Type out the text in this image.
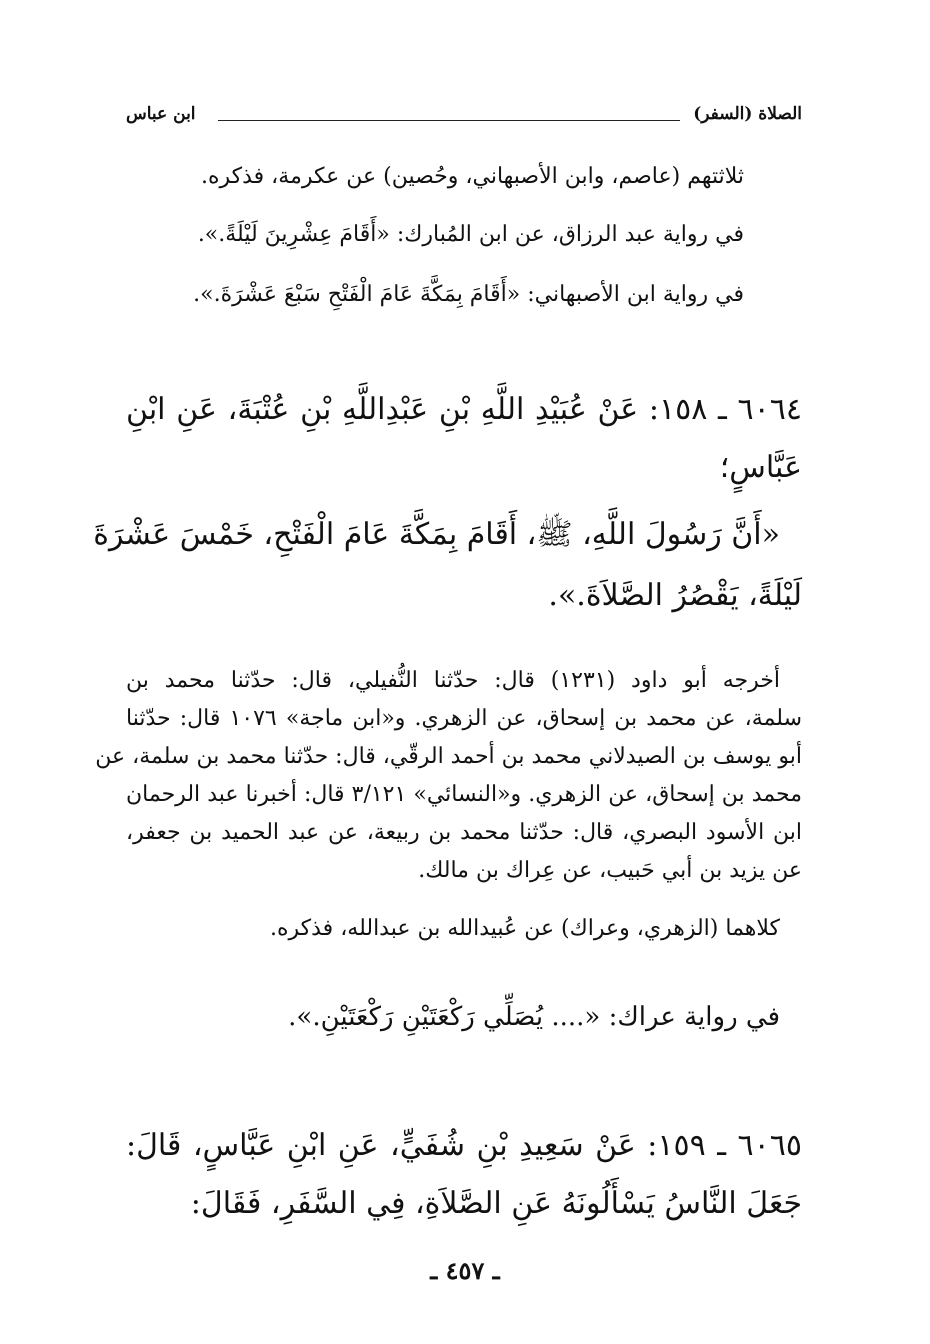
الصلاة (السفر)
ابن عباس
ثلاثتهم (عاصم، وابن الأصبهاني، وحُصين) عن عكرمة، فذكره.
في رواية عبد الرزاق، عن ابن المُبارك: «أَقَامَ عِشْرِينَ لَيْلَةً.».
في رواية ابن الأصبهاني: «أَقَامَ بِمَكَّةَ عَامَ الْفَتْحِ سَبْعَ عَشْرَةَ.».
٦٠٦٤ ـ ١٥٨: عَنْ عُبَيْدِ اللَّهِ بْنِ عَبْدِاللَّهِ بْنِ عُتْبَةَ، عَنِ ابْنِ
عَبَّاسٍ؛
«أَنَّ رَسُولَ اللَّهِ، ﷺ، أَقَامَ بِمَكَّةَ عَامَ الْفَتْحِ، خَمْسَ عَشْرَةَ
لَيْلَةً، يَقْصُرُ الصَّلاَةَ.».
أخرجه أبو داود (١٢٣١) قال: حدّثنا النُّفيلي، قال: حدّثنا محمد بن
سلمة، عن محمد بن إسحاق، عن الزهري. و«ابن ماجة» ١٠٧٦ قال: حدّثنا
أبو يوسف بن الصيدلاني محمد بن أحمد الرقّي، قال: حدّثنا محمد بن سلمة، عن
محمد بن إسحاق، عن الزهري. و«النسائي» ٣/١٢١ قال: أخبرنا عبد الرحمان
ابن الأسود البصري، قال: حدّثنا محمد بن ربيعة، عن عبد الحميد بن جعفر،
عن يزيد بن أبي حَبيب، عن عِراك بن مالك.
كلاهما (الزهري، وعراك) عن عُبيدالله بن عبدالله، فذكره.
في رواية عراك: «.... يُصَلِّي رَكْعَتَيْنِ رَكْعَتَيْنِ.».
٦٠٦٥ ـ ١٥٩: عَنْ سَعِيدِ بْنِ شُفَيٍّ، عَنِ ابْنِ عَبَّاسٍ، قَالَ:
جَعَلَ النَّاسُ يَسْأَلُونَهُ عَنِ الصَّلاَةِ، فِي السَّفَرِ، فَقَالَ:
ـ ٤٥٧ ـ
